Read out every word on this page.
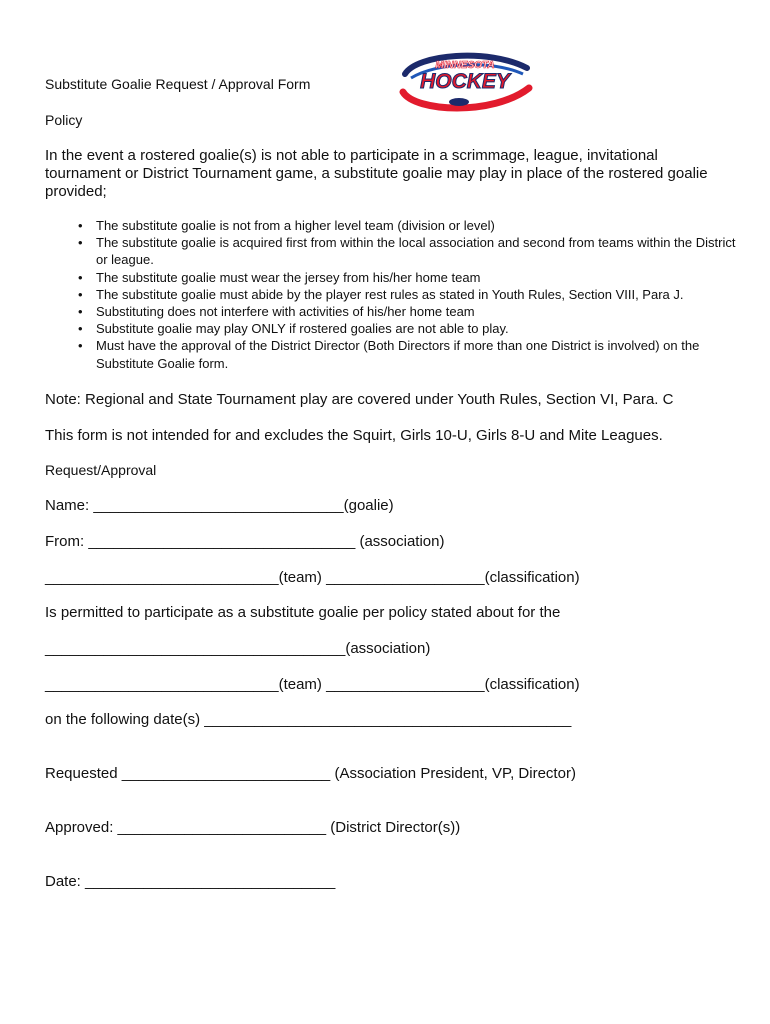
Substitute Goalie Request / Approval Form
MINNESOTA
HOCKEY
Policy
In the event a rostered goalie(s) is not able to participate in a scrimmage, league, invitational tournament or District Tournament game, a substitute goalie may play in place of the rostered goalie provided;
• The substitute goalie is not from a higher level team (division or level)
• The substitute goalie is acquired first from within the local association and second from teams within the District or league.
• The substitute goalie must wear the jersey from his/her home team
• The substitute goalie must abide by the player rest rules as stated in Youth Rules, Section VIII, Para J.
• Substituting does not interfere with activities of his/her home team
• Substitute goalie may play ONLY if rostered goalies are not able to play.
• Must have the approval of the District Director (Both Directors if more than one District is involved) on the Substitute Goalie form.
Note: Regional and State Tournament play are covered under Youth Rules, Section VI, Para. C
This form is not intended for and excludes the Squirt, Girls 10-U, Girls 8-U and Mite Leagues.
Request/Approval
Name: ______________________________(goalie)
From: ________________________________ (association)
____________________________(team) ___________________(classification)
Is permitted to participate as a substitute goalie per policy stated about for the
____________________________________(association)
____________________________(team) ___________________(classification)
on the following date(s) ____________________________________________
Requested _________________________ (Association President, VP, Director)
Approved: _________________________ (District Director(s))
Date: ______________________________
